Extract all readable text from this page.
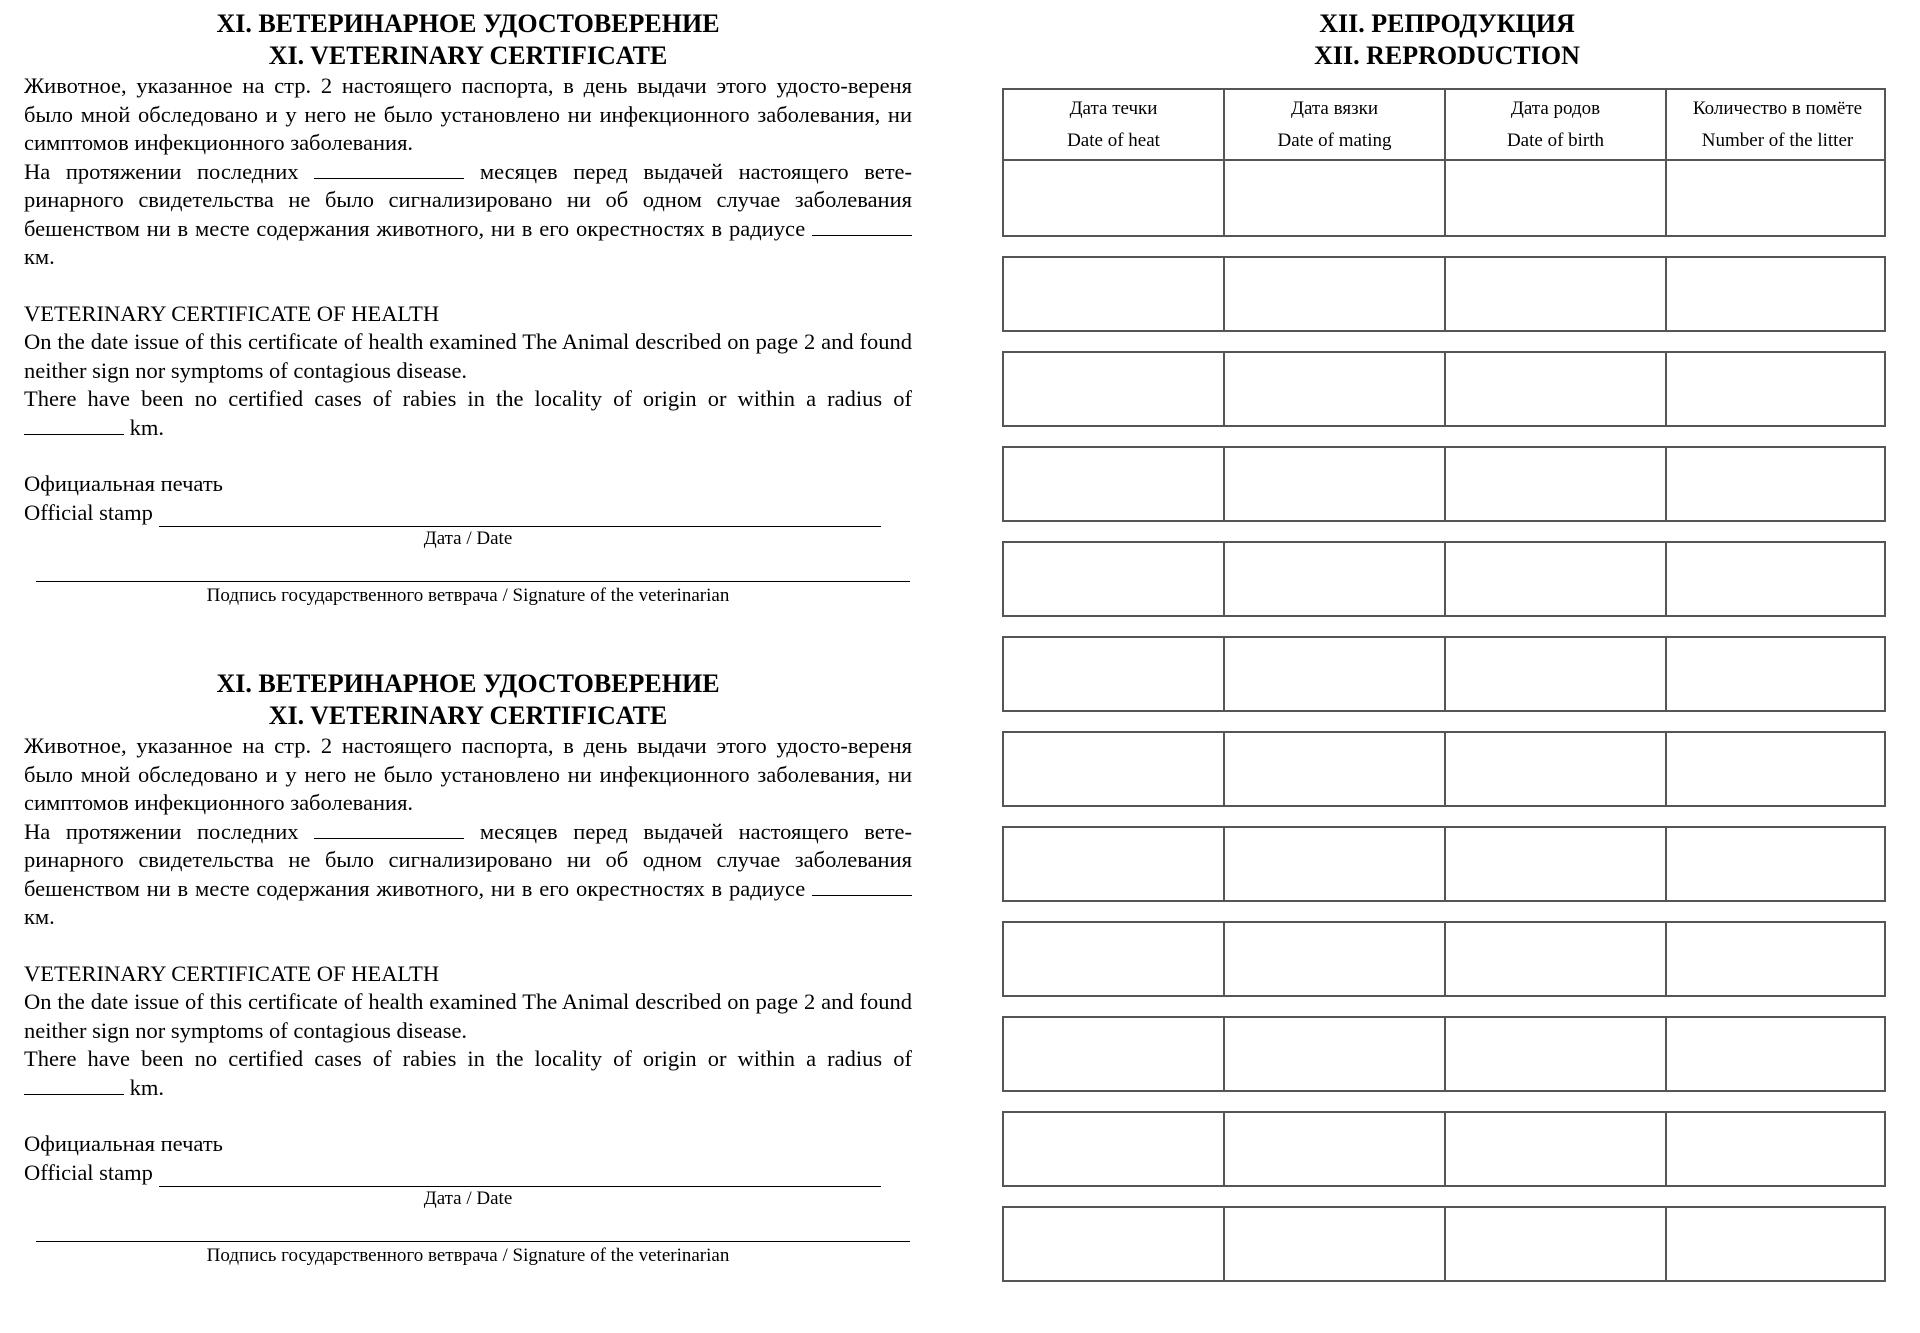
XI. ВЕТЕРИНАРНОЕ УДОСТОВЕРЕНИЕ
XI. VETERINARY CERTIFICATE

Животное, указанное на стр. 2 настоящего паспорта, в день выдачи этого удосто-вереня было мной обследовано и у него не было установлено ни инфекционного заболевания, ни симптомов инфекционного заболевания.

На протяжении последних	месяцев перед выдачей настоящего вете-ринарного свидетельства не было сигнализировано ни об одном случае заболевания бешенством ни в месте содержания животного, ни в его окрестностях в радиусе  км.

VETERINARY CERTIFICATE OF HEALTH

On the date issue of this certificate of health examined The Animal described on page 2 and found neither sign nor symptoms of contagious disease.

There have been no certified cases of rabies in the locality of origin or within a radius of  km.

Официальная печать
Official stamp
Дата / Date
Подпись государственного ветврача / Signature of the veterinarian
XI. ВЕТЕРИНАРНОЕ УДОСТОВЕРЕНИЕ
XI. VETERINARY CERTIFICATE

Животное, указанное на стр. 2 настоящего паспорта, в день выдачи этого удосто-вереня было мной обследовано и у него не было установлено ни инфекционного заболевания, ни симптомов инфекционного заболевания.

На протяжении последних	месяцев перед выдачей настоящего вете-ринарного свидетельства не было сигнализировано ни об одном случае заболевания бешенством ни в месте содержания животного, ни в его окрестностях в радиусе  км.

VETERINARY CERTIFICATE OF HEALTH

On the date issue of this certificate of health examined The Animal described on page 2 and found neither sign nor symptoms of contagious disease.

There have been no certified cases of rabies in the locality of origin or within a radius of  km.

Официальная печать
Official stamp
Дата / Date
Подпись государственного ветврача / Signature of the veterinarian
XII. РЕПРОДУКЦИЯ
XII. REPRODUCTION
Дата течки
Date of heat
Дата вязки
Date of mating
Дата родов
Date of birth
Количество в помёте
Number of the litter
